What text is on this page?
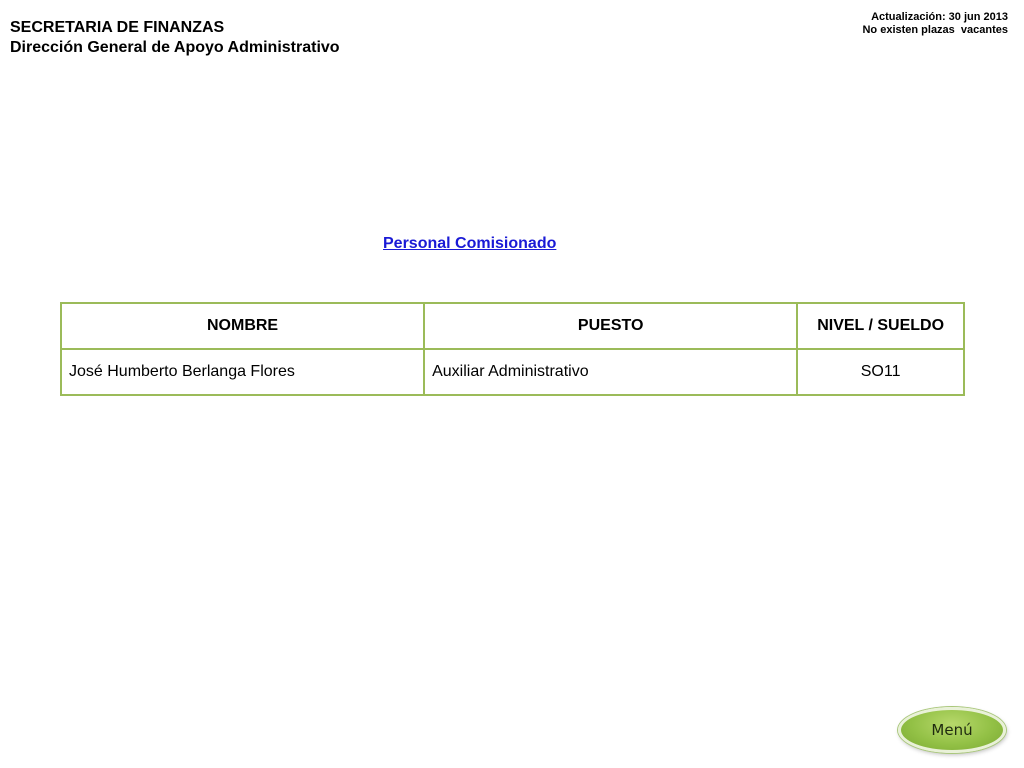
SECRETARIA DE FINANZAS
Dirección General de Apoyo Administrativo
Actualización: 30 jun 2013
No existen plazas  vacantes
Personal Comisionado
NOMBRE	PUESTO	NIVEL / SUELDO
José Humberto Berlanga Flores	Auxiliar Administrativo	SO11
Menú
